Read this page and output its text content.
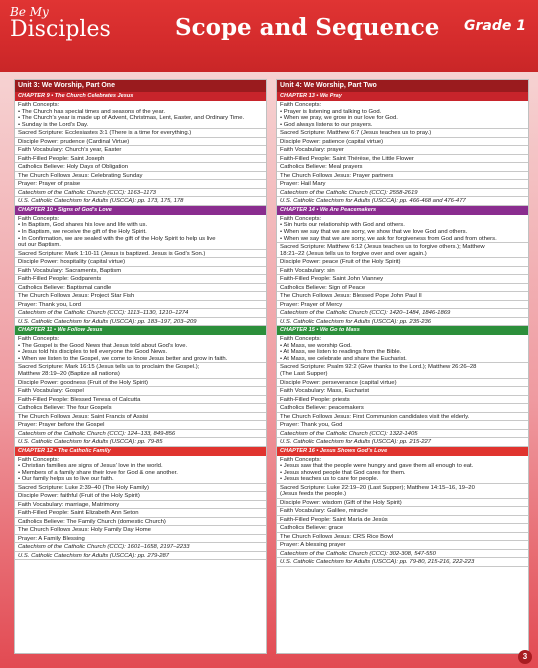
Be My
Disciples	Scope and Sequence Grade 1
Unit 3: We Worship, Part One
CHAPTER 9 • The Church Celebrates Jesus
Faith Concepts:
• The Church has special times and seasons of the year.
• The Church’s year is made up of Advent, Christmas, Lent, Easter, and Ordinary Time.
• Sunday is the Lord’s Day.
Sacred Scripture: Ecclesiastes 3:1 (There is a time for everything.)
Disciple Power: prudence (Cardinal Virtue)
Faith Vocabulary: Church’s year, Easter
Faith-Filled People: Saint Joseph
Catholics Believe: Holy Days of Obligation
The Church Follows Jesus: Celebrating Sunday
Prayer: Prayer of praise
Catechism of the Catholic Church (CCC): 1163–1173
U.S. Catholic Catechism for Adults (USCCA): pp. 173, 175, 178
CHAPTER 10 • Signs of God’s Love
Faith Concepts:
• In Baptism, God shares his love and life with us.
• In Baptism, we receive the gift of the Holy Spirit.
• In Confirmation, we are sealed with the gift of the Holy Spirit to help us live
out our Baptism.
Sacred Scripture: Mark 1:10-11 (Jesus is baptized. Jesus is God’s Son.)
Disciple Power: hospitality (capital virtue)
Faith Vocabulary: Sacraments, Baptism
Faith-Filled People: Godparents
Catholics Believe: Baptismal candle
The Church Follows Jesus: Project Star Fish
Prayer: Thank you, Lord
Catechism of the Catholic Church (CCC): 1113–1130, 1210–1274
U.S. Catholic Catechism for Adults (USCCA): pp. 183–197, 203–209
CHAPTER 11 • We Follow Jesus
Faith Concepts:
• The Gospel is the Good News that Jesus told about God’s love.
• Jesus told his disciples to tell everyone the Good News.
• When we listen to the Gospel, we come to know Jesus better and grow in faith.
Sacred Scripture: Mark 16:15 (Jesus tells us to proclaim the Gospel.);
Matthew 28:19–20 (Baptize all nations)
Disciple Power: goodness (Fruit of the Holy Spirit)
Faith Vocabulary: Gospel
Faith-Filled People: Blessed Teresa of Calcutta
Catholics Believe: The four Gospels
The Church Follows Jesus: Saint Francis of Assisi
Prayer: Prayer before the Gospel
Catechism of the Catholic Church (CCC): 124–133, 849-856
U.S. Catholic Catechism for Adults (USCCA): pp. 79-85
CHAPTER 12 • The Catholic Family
Faith Concepts:
• Christian families are signs of Jesus’ love in the world.
• Members of a family share their love for God & one another.
• Our family helps us to live our faith.
Sacred Scripture: Luke 2:39–40 (The Holy Family)
Disciple Power: faithful (Fruit of the Holy Spirit)
Faith Vocabulary: marriage, Matrimony
Faith-Filled People: Saint Elizabeth Ann Seton
Catholics Believe: The Family Church (domestic Church)
The Church Follows Jesus: Holy Family Day Home
Prayer: A Family Blessing
Catechism of the Catholic Church (CCC): 1601–1658, 2197–2233
U.S. Catholic Catechism for Adults (USCCA): pp. 279-287
Unit 4: We Worship, Part Two
CHAPTER 13 • We Pray
Faith Concepts:
• Prayer is listening and talking to God.
• When we pray, we grow in our love for God.
• God always listens to our prayers.
Sacred Scripture: Matthew 6:7 (Jesus teaches us to pray.)
Disciple Power: patience (capital virtue)
Faith Vocabulary: prayer
Faith-Filled People: Saint Thérèse, the Little Flower
Catholics Believe: Meal prayers
The Church Follows Jesus: Prayer partners
Prayer: Hail Mary
Catechism of the Catholic Church (CCC): 2558-2619
U.S. Catholic Catechism for Adults (USCCA): pp. 466-468 and 476-477
CHAPTER 14 • We Are Peacemakers
Faith Concepts:
• Sin hurts our relationship with God and others.
• When we say that we are sorry, we show that we love God and others.
• When we say that we are sorry, we ask for forgiveness from God and from others.
Sacred Scripture: Matthew 6:12 (Jesus teaches us to forgive others.); Matthew
18:21–22 (Jesus tells us to forgive over and over again.)
Disciple Power: peace (Fruit of the Holy Spirit)
Faith Vocabulary: sin
Faith-Filled People: Saint John Vianney
Catholics Believe: Sign of Peace
The Church Follows Jesus: Blessed Pope John Paul II
Prayer: Prayer of Mercy
Catechism of the Catholic Church (CCC): 1420–1484, 1846-1869
U.S. Catholic Catechism for Adults (USCCA): pp. 235-236
CHAPTER 15 • We Go to Mass
Faith Concepts:
• At Mass, we worship God.
• At Mass, we listen to readings from the Bible.
• At Mass, we celebrate and share the Eucharist.
Sacred Scripture: Psalm 92:2 (Give thanks to the Lord.); Matthew 26:26–28
(The Last Supper)
Disciple Power: perseverance (capital virtue)
Faith Vocabulary: Mass, Eucharist
Faith-Filled People: priests
Catholics Believe: peacemakers
The Church Follows Jesus: First Communion candidates visit the elderly.
Prayer: Thank you, God
Catechism of the Catholic Church (CCC): 1322-1405
U.S. Catholic Catechism for Adults (USCCA): pp. 215-227
CHAPTER 16 • Jesus Shows God’s Love
Faith Concepts:
• Jesus saw that the people were hungry and gave them all enough to eat.
• Jesus showed people that God cares for them.
• Jesus teaches us to care for people.
Sacred Scripture: Luke 22:19–20 (Last Supper); Matthew 14:15–16, 19–20
(Jesus feeds the people.)
Disciple Power: wisdom (Gift of the Holy Spirit)
Faith Vocabulary: Galilee, miracle
Faith-Filled People: Saint María de Jesús
Catholics Believe: grace
The Church Follows Jesus: CRS Rice Bowl
Prayer: A blessing prayer
Catechism of the Catholic Church (CCC): 302-308, 547-550
U.S. Catholic Catechism for Adults (USCCA): pp. 79-80, 215-216, 222-223
3
